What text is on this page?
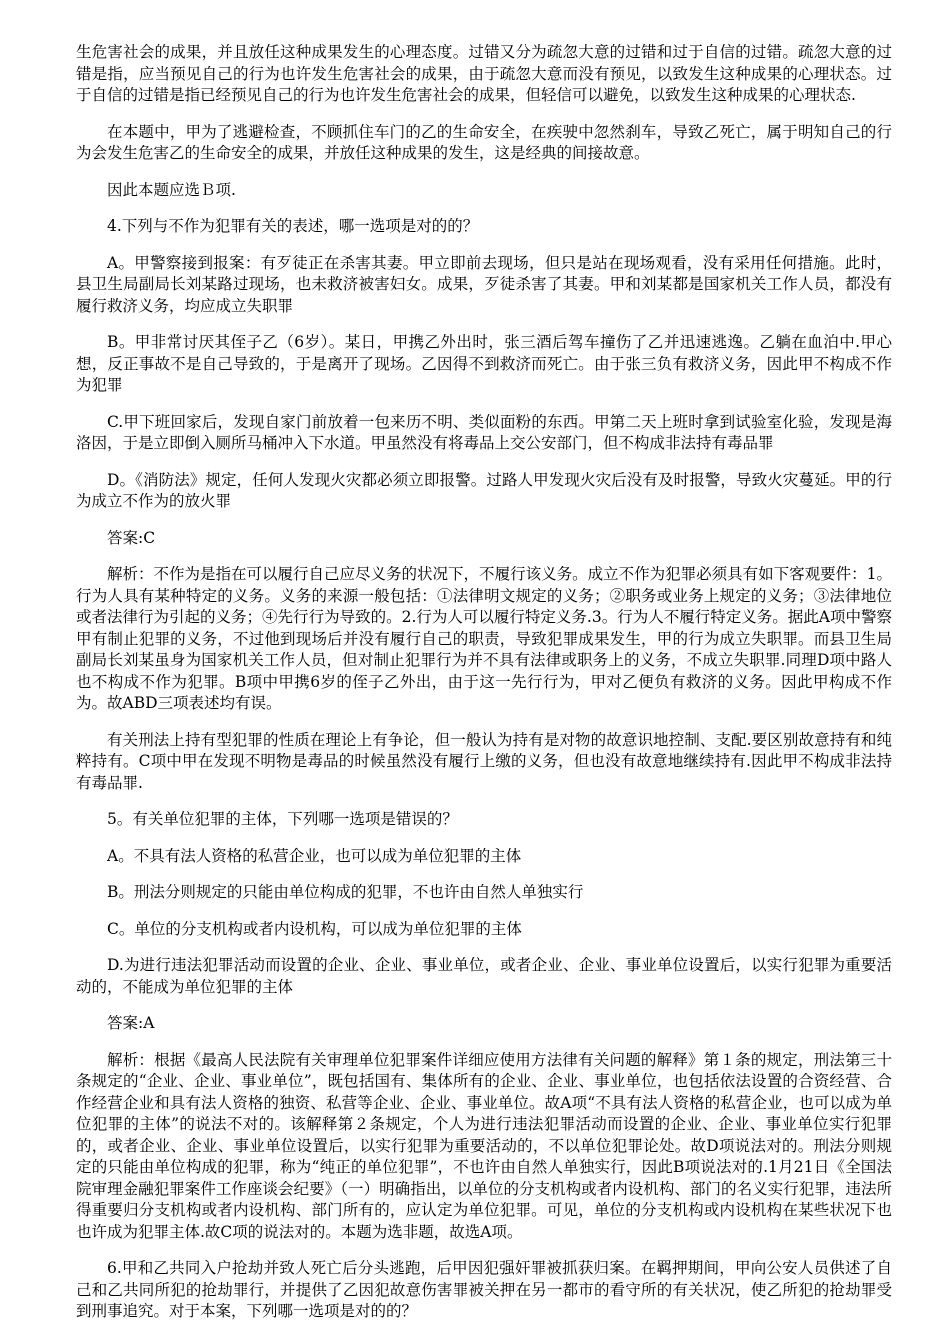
生危害社会的成果，并且放任这种成果发生的心理态度。过错又分为疏忽大意的过错和过于自信的过错。疏忽大意的过错是指，应当预见自己的行为也许发生危害社会的成果，由于疏忽大意而没有预见，以致发生这种成果的心理状态。过于自信的过错是指已经预见自己的行为也许发生危害社会的成果，但轻信可以避免，以致发生这种成果的心理状态.

在本题中，甲为了逃避检查，不顾抓住车门的乙的生命安全，在疾驶中忽然刹车，导致乙死亡，属于明知自己的行为会发生危害乙的生命安全的成果，并放任这种成果的发生，这是经典的间接故意。

因此本题应选Ｂ项.

4.下列与不作为犯罪有关的表述，哪一选项是对的的？

A。甲警察接到报案：有歹徒正在杀害其妻。甲立即前去现场，但只是站在现场观看，没有采用任何措施。此时，县卫生局副局长刘某路过现场，也未救济被害妇女。成果，歹徒杀害了其妻。甲和刘某都是国家机关工作人员，都没有履行救济义务，均应成立失职罪

B。甲非常讨厌其侄子乙（6岁）。某日，甲携乙外出时，张三酒后驾车撞伤了乙并迅速逃逸。乙躺在血泊中.甲心想，反正事故不是自己导致的，于是离开了现场。乙因得不到救济而死亡。由于张三负有救济义务，因此甲不构成不作为犯罪

C.甲下班回家后，发现自家门前放着一包来历不明、类似面粉的东西。甲第二天上班时拿到试验室化验，发现是海洛因，于是立即倒入厕所马桶冲入下水道。甲虽然没有将毒品上交公安部门，但不构成非法持有毒品罪

D。《消防法》规定，任何人发现火灾都必须立即报警。过路人甲发现火灾后没有及时报警，导致火灾蔓延。甲的行为成立不作为的放火罪

答案:C

解析：不作为是指在可以履行自己应尽义务的状况下，不履行该义务。成立不作为犯罪必须具有如下客观要件：1。行为人具有某种特定的义务。义务的来源一般包括：①法律明文规定的义务；②职务或业务上规定的义务；③法律地位或者法律行为引起的义务；④先行行为导致的。2.行为人可以履行特定义务.3。行为人不履行特定义务。据此A项中警察甲有制止犯罪的义务，不过他到现场后并没有履行自己的职责，导致犯罪成果发生，甲的行为成立失职罪。而县卫生局副局长刘某虽身为国家机关工作人员，但对制止犯罪行为并不具有法律或职务上的义务，不成立失职罪.同理D项中路人也不构成不作为犯罪。B项中甲携6岁的侄子乙外出，由于这一先行行为，甲对乙便负有救济的义务。因此甲构成不作为。故ABD三项表述均有误。

有关刑法上持有型犯罪的性质在理论上有争论，但一般认为持有是对物的故意识地控制、支配.要区别故意持有和纯粹持有。C项中甲在发现不明物是毒品的时候虽然没有履行上缴的义务，但也没有故意地继续持有.因此甲不构成非法持有毒品罪.

5。有关单位犯罪的主体，下列哪一选项是错误的？

A。不具有法人资格的私营企业，也可以成为单位犯罪的主体

B。刑法分则规定的只能由单位构成的犯罪，不也许由自然人单独实行

C。单位的分支机构或者内设机构，可以成为单位犯罪的主体

D.为进行违法犯罪活动而设置的企业、企业、事业单位，或者企业、企业、事业单位设置后，以实行犯罪为重要活动的，不能成为单位犯罪的主体

答案:A

解析：根据《最高人民法院有关审理单位犯罪案件详细应使用方法律有关问题的解释》第１条的规定，刑法第三十条规定的“企业、企业、事业单位”，既包括国有、集体所有的企业、企业、事业单位，也包括依法设置的合资经营、合作经营企业和具有法人资格的独资、私营等企业、企业、事业单位。故A项“不具有法人资格的私营企业，也可以成为单位犯罪的主体”的说法不对的。该解释第２条规定，个人为进行违法犯罪活动而设置的企业、企业、事业单位实行犯罪的，或者企业、企业、事业单位设置后，以实行犯罪为重要活动的，不以单位犯罪论处。故D项说法对的。刑法分则规定的只能由单位构成的犯罪，称为“纯正的单位犯罪”，不也许由自然人单独实行，因此B项说法对的.1月21日《全国法院审理金融犯罪案件工作座谈会纪要》（一）明确指出，以单位的分支机构或者内设机构、部门的名义实行犯罪，违法所得重要归分支机构或者内设机构、部门所有的，应认定为单位犯罪。可见，单位的分支机构或内设机构在某些状况下也也许成为犯罪主体.故C项的说法对的。本题为选非题，故选A项。

6.甲和乙共同入户抢劫并致人死亡后分头逃跑，后甲因犯强奸罪被抓获归案。在羁押期间，甲向公安人员供述了自己和乙共同所犯的抢劫罪行，并提供了乙因犯故意伤害罪被关押在另一都市的看守所的有关状况，使乙所犯的抢劫罪受到刑事追究。对于本案，下列哪一选项是对的的？
